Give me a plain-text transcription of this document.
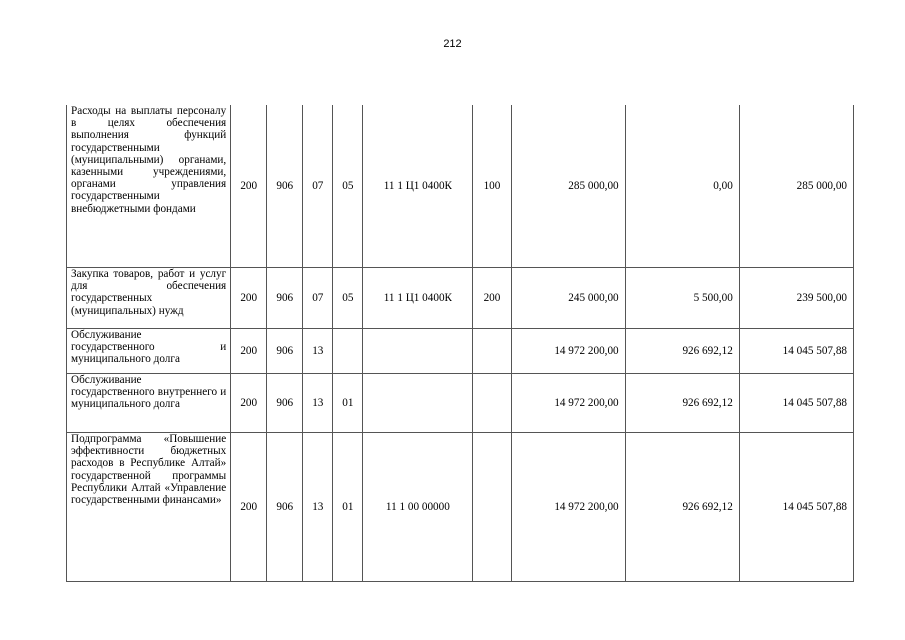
212
Расходы на выплаты персоналу в целях обеспечения выполнения функций государственными (муниципальными) органами, казенными учреждениями, органами управления государственными внебюджетными фондами	200	906	07	05	11 1 Ц1 0400К	100	285 000,00	0,00	285 000,00
Закупка товаров, работ и услуг для обеспечения государственных (муниципальных) нужд	200	906	07	05	11 1 Ц1 0400К	200	245 000,00	5 500,00	239 500,00
Обслуживание государственного и муниципального долга	200	906	13				14 972 200,00	926 692,12	14 045 507,88
Обслуживание государственного внутреннего и муниципального долга	200	906	13	01			14 972 200,00	926 692,12	14 045 507,88
Подпрограмма «Повышение эффективности бюджетных расходов в Республике Алтай» государственной программы Республики Алтай «Управление государственными финансами»	200	906	13	01	11 1 00 00000		14 972 200,00	926 692,12	14 045 507,88
